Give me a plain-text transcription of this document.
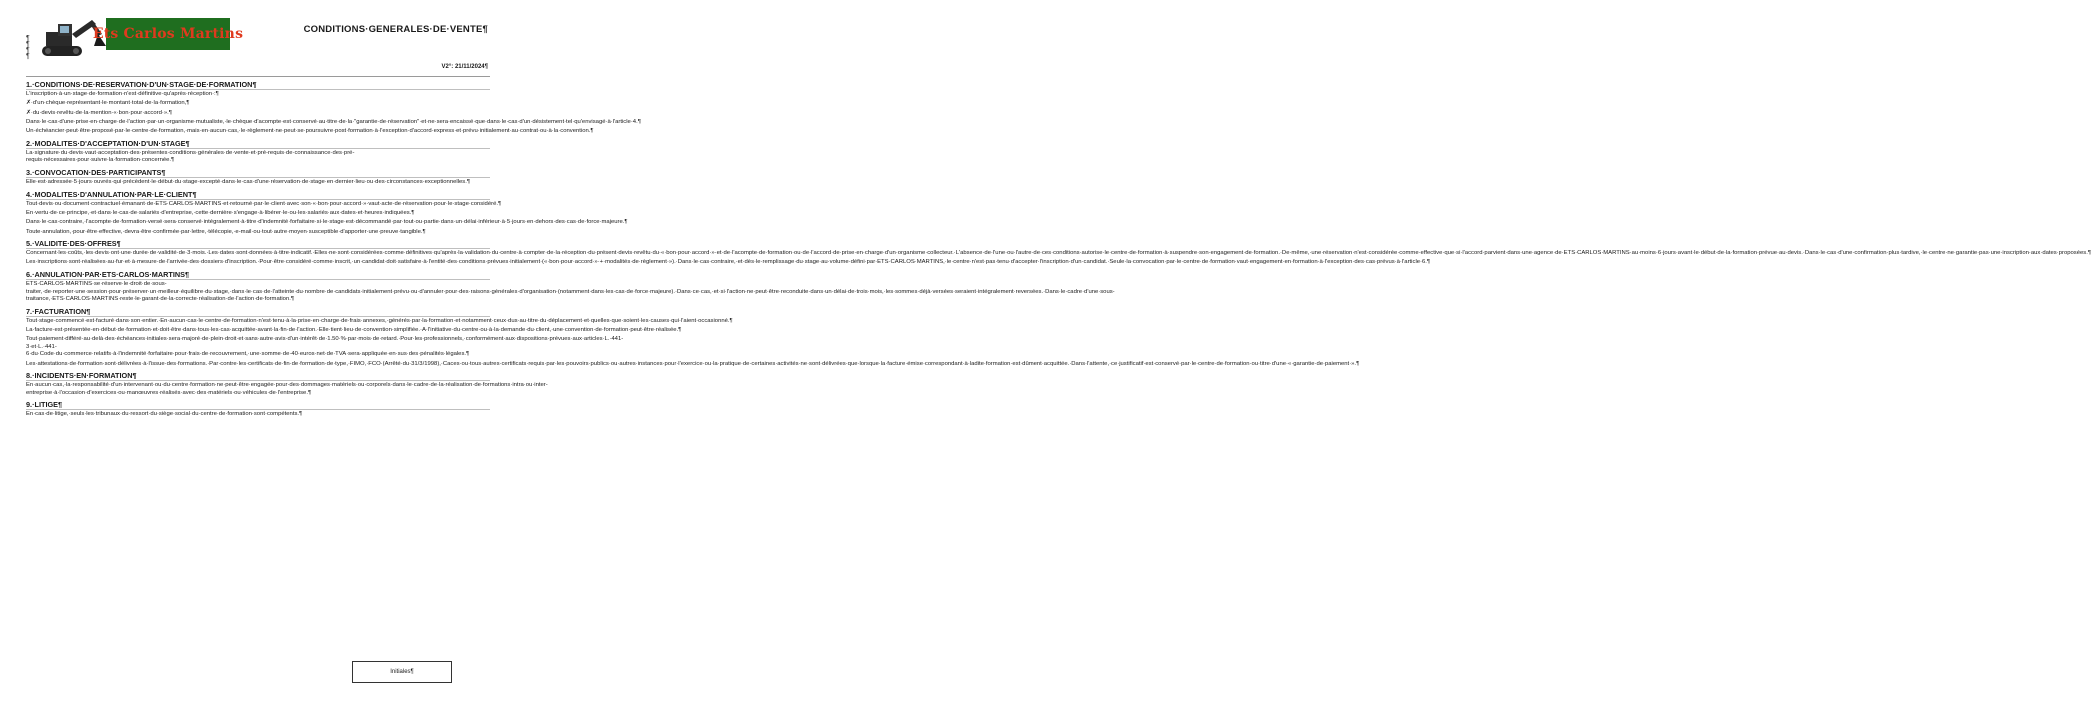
Ets Carlos Martins
¶
¶
¶
¶
CONDITIONS·GENERALES·DE·VENTE¶
V2°: 21/11/2024¶
1.·CONDITIONS·DE·RESERVATION·D'UN·STAGE·DE·FORMATION¶
L'inscription·à·un·stage·de·formation·n'est·définitive·qu'après·réception·:¶
✗·d'un·chèque·représentant·le·montant·total·de·la·formation,¶
✗·du·devis·revêtu·de·la·mention·«·bon·pour·accord·».¶
Dans·le·cas·d'une·prise·en·charge·de·l'action·par·un·organisme·mutualiste,·le·chèque·d'acompte·est·conservé·au·titre·de·la·"garantie·de·réservation"·et·ne·sera·encaissé·que·dans·le·cas·d'un·désistement·tel·qu'envisagé·à·l'article·4.¶
Un·échéancier·peut·être·proposé·par·le·centre·de·formation,·mais·en·aucun·cas,·le·règlement·ne·peut·se·poursuivre·post·formation·à·l'exception·d'accord·express·et·prévu·initialement·au·contrat·ou·à·la·convention.¶
2.·MODALITES·D'ACCEPTATION·D'UN·STAGE¶
La·signature·du·devis·vaut·acceptation·des·présentes·conditions·générales·de·vente·et·pré-requis·de·connaissance·des·pré-requis·nécessaires·pour·suivre·la·formation·concernée.¶
3.·CONVOCATION·DES·PARTICIPANTS¶
Elle·est·adressée·5·jours·ouvrés·qui·précèdent·le·début·du·stage·excepté·dans·le·cas·d'une·réservation·de·stage·en·dernier·lieu·ou·des·circonstances·exceptionnelles.¶
4.·MODALITES·D'ANNULATION·PAR·LE·CLIENT¶
Tout·devis·ou·document·contractuel·émanant·de·ETS·CARLOS·MARTINS·et·retourné·par·le·client·avec·son·«·bon·pour·accord·»·vaut·acte·de·réservation·pour·le·stage·considéré.¶
En·vertu·de·ce·principe,·et·dans·le·cas·de·salariés·d'entreprise,·cette·dernière·s'engage·à·libérer·le·ou·les·salariés·aux·dates·et·heures·indiquées.¶
Dans·le·cas·contraire,·l'acompte·de·formation·versé·sera·conservé·intégralement·à·titre·d'indemnité·forfaitaire·si·le·stage·est·décommandé·par·tout·ou·partie·dans·un·délai·inférieur·à·5·jours·en·dehors·des·cas·de·force·majeure.¶
Toute·annulation,·pour·être·effective,·devra·être·confirmée·par·lettre,·télécopie,·e-mail·ou·tout·autre·moyen·susceptible·d'apporter·une·preuve·tangible.¶
5.·VALIDITE·DES·OFFRES¶
Concernant·les·coûts,·les·devis·ont·une·durée·de·validité·de·3·mois.·Les·dates·sont·données·à·titre·indicatif.·Elles·ne·sont·considérées·comme·définitives·qu'après·la·validation·du·centre·à·compter·de·la·réception·du·présent·devis·revêtu·du·«·bon·pour·accord·»·et·de·l'acompte·de·formation·ou·de·l'accord·de·prise·en·charge·d'un·organisme·collecteur.·L'absence·de·l'une·ou·l'autre·de·ces·conditions·autorise·le·centre·de·formation·à·suspendre·son·engagement·de·formation.·De·même,·une·réservation·n'est·considérée·comme·effective·que·si·l'accord·parvient·dans·une·agence·de·ETS·CARLOS·MARTINS·au·moins·6·jours·avant·le·début·de·la·formation·prévue·au·devis.·Dans·le·cas·d'une·confirmation·plus·tardive,·le·centre·ne·garantie·pas·une·inscription·aux·dates·proposées.¶
Les·inscriptions·sont·réalisées·au·fur·et·à·mesure·de·l'arrivée·des·dossiers·d'inscription.·Pour·être·considéré·comme·inscrit,·un·candidat·doit·satisfaire·à·l'entité·des·conditions·prévues·initialement·(«·bon·pour·accord·»·+·modalités·de·règlement·»).·Dans·le·cas·contraire,·et·dès·le·remplissage·du·stage·au·volume·défini·par·ETS·CARLOS·MARTINS,·le·centre·n'est·pas·tenu·d'accepter·l'inscription·d'un·candidat.·Seule·la·convocation·par·le·centre·de·formation·vaut·engagement·en·formation·à·l'exception·des·cas·prévus·à·l'article·6.¶
6.·ANNULATION·PAR·ETS·CARLOS·MARTINS¶
ETS·CARLOS·MARTINS·se·réserve·le·droit·de·sous-traiter,·de·reporter·une·session·pour·préserver·un·meilleur·équilibre·du·stage,·dans·le·cas·de·l'atteinte·du·nombre·de·candidats·initialement·prévu·ou·d'annuler·pour·des·raisons·générales·d'organisation·(notamment·dans·les·cas·de·force·majeure).·Dans·ce·cas,·et·si·l'action·ne·peut·être·reconduite·dans·un·délai·de·trois·mois,·les·sommes·déjà·versées·seraient·intégralement·reversées.·Dans·le·cadre·d'une·sous-traitance,·ETS·CARLOS·MARTINS·reste·le·garant·de·la·correcte·réalisation·de·l'action·de·formation.¶
7.·FACTURATION¶
Tout·stage·commencé·est·facturé·dans·son·entier.·En·aucun·cas·le·centre·de·formation·n'est·tenu·à·la·prise·en·charge·de·frais·annexes,·générés·par·la·formation·et·notamment·ceux·dus·au·titre·du·déplacement·et·quelles·que·soient·les·causes·qui·l'aient·occasionné.¶
La·facture·est·présentée·en·début·de·formation·et·doit·être·dans·tous·les·cas·acquittée·avant·la·fin·de·l'action.·Elle·tient·lieu·de·convention·simplifiée.·A·l'initiative·du·centre·ou·à·la·demande·du·client,·une·convention·de·formation·peut·être·réalisée.¶
Tout·paiement·différé·au·delà·des·échéances·initiales·sera·majoré·de·plein·droit·et·sans·autre·avis·d'un·intérêt·de·1.50·%·par·mois·de·retard.·Pour·les·professionnels,·conformément·aux·dispositions·prévues·aux·articles·L.·441-3·et·L.·441-6·du·Code·du·commerce·relatifs·à·l'indemnité·forfaitaire·pour·frais·de·recouvrement,·une·somme·de·40·euros·net·de·TVA·sera·appliquée·en·sus·des·pénalités·légales.¶
Les·attestations·de·formation·sont·délivrées·à·l'issue·des·formations.·Par·contre·les·certificats·de·fin·de·formation·de·type,·FIMO,·FCO·(Arrêté·du·31/3/1998),·Caces·ou·tous·autres·certificats·requis·par·les·pouvoirs·publics·ou·autres·instances·pour·l'exercice·ou·la·pratique·de·certaines·activités·ne·sont·délivrées·que·lorsque·la·facture·émise·correspondant·à·ladite·formation·est·dûment·acquittée.·Dans·l'attente,·ce·justificatif·est·conservé·par·le·centre·de·formation·ou·titre·d'une·«·garantie·de·paiement·».¶
8.·INCIDENTS·EN·FORMATION¶
En·aucun·cas,·la·responsabilité·d'un·intervenant·ou·du·centre·formation·ne·peut·être·engagée·pour·des·dommages·matériels·ou·corporels·dans·le·cadre·de·la·réalisation·de·formations·intra·ou·inter-entreprise·à·l'occasion·d'exercices·ou·manœuvres·réalisés·avec·des·matériels·ou·véhicules·de·l'entreprise.¶
9.·LITIGE¶
En·cas·de·litige,·seuls·les·tribunaux·du·ressort·du·siège·social·du·centre·de·formation·sont·compétents.¶
Initiales¶
